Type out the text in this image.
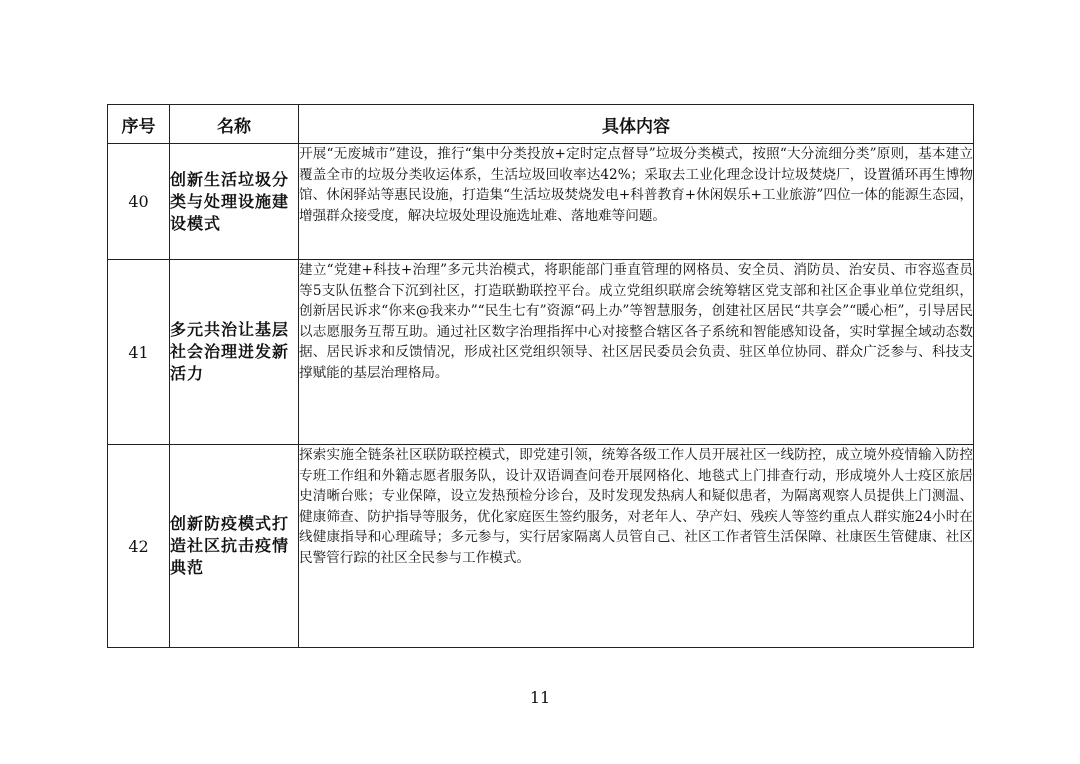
序号	名称	具体内容
40	创新生活垃圾分类与处理设施建设模式	开展“无废城市”建设，推行“集中分类投放+定时定点督导”垃圾分类模式，按照“大分流细分类”原则，基本建立覆盖全市的垃圾分类收运体系，生活垃圾回收率达42%；采取去工业化理念设计垃圾焚烧厂，设置循环再生博物馆、休闲驿站等惠民设施，打造集“生活垃圾焚烧发电+科普教育+休闲娱乐+工业旅游”四位一体的能源生态园，增强群众接受度，解决垃圾处理设施选址难、落地难等问题。
41	多元共治让基层社会治理迸发新活力	建立“党建+科技+治理”多元共治模式，将职能部门垂直管理的网格员、安全员、消防员、治安员、市容巡查员等5支队伍整合下沉到社区，打造联勤联控平台。成立党组织联席会统筹辖区党支部和社区企事业单位党组织，创新居民诉求“你来@我来办”“民生七有”资源“码上办”等智慧服务，创建社区居民“共享会”“暖心柜”，引导居民以志愿服务互帮互助。通过社区数字治理指挥中心对接整合辖区各子系统和智能感知设备，实时掌握全域动态数据、居民诉求和反馈情况，形成社区党组织领导、社区居民委员会负责、驻区单位协同、群众广泛参与、科技支撑赋能的基层治理格局。
42	创新防疫模式打造社区抗击疫情典范	探索实施全链条社区联防联控模式，即党建引领，统筹各级工作人员开展社区一线防控，成立境外疫情输入防控专班工作组和外籍志愿者服务队，设计双语调查问卷开展网格化、地毯式上门排查行动，形成境外人士疫区旅居史清晰台账；专业保障，设立发热预检分诊台，及时发现发热病人和疑似患者，为隔离观察人员提供上门测温、健康筛查、防护指导等服务，优化家庭医生签约服务，对老年人、孕产妇、残疾人等签约重点人群实施24小时在线健康指导和心理疏导；多元参与，实行居家隔离人员管自己、社区工作者管生活保障、社康医生管健康、社区民警管行踪的社区全民参与工作模式。
11
